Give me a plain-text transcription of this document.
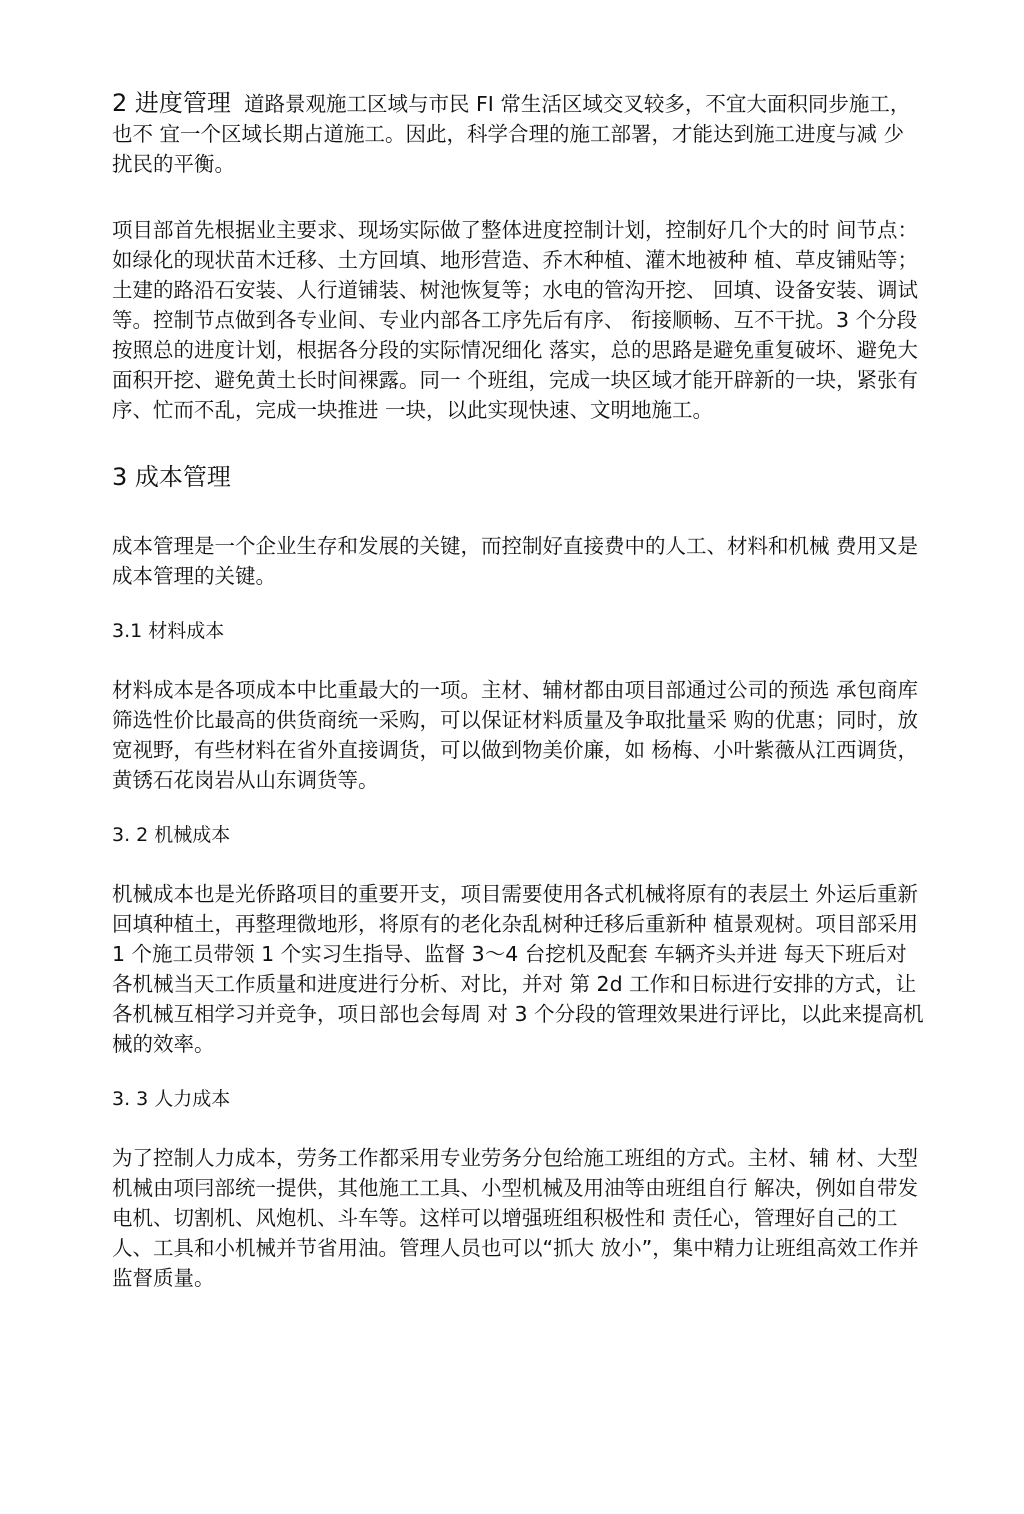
2 进度管理 道路景观施工区域与市民 FI 常生活区域交叉较多，不宜大面积同步施工，也不 宜一个区域长期占道施工。因此，科学合理的施工部署，才能达到施工进度与减 少扰民的平衡。

项目部首先根据业主要求、现场实际做了整体进度控制计划，控制好几个大的时 间节点：如绿化的现状苗木迁移、土方回填、地形营造、乔木种植、灌木地被种 植、草皮铺贴等；土建的路沿石安装、人行道铺装、树池恢复等；水电的管沟开挖、 回填、设备安装、调试等。控制节点做到各专业间、专业内部各工序先后有序、 衔接顺畅、互不干扰。3 个分段按照总的进度计划，根据各分段的实际情况细化 落实，总的思路是避免重复破坏、避免大面积开挖、避免黄土长时间裸露。同一 个班组，完成一块区域才能开辟新的一块，紧张有序、忙而不乱，完成一块推进 一块，以此实现快速、文明地施工。

3 成本管理

成本管理是一个企业生存和发展的关键，而控制好直接费中的人工、材料和机械 费用又是成本管理的关键。

3.1 材料成本

材料成本是各项成本中比重最大的一项。主材、辅材都由项目部通过公司的预选 承包商库筛选性价比最高的供货商统一采购，可以保证材料质量及争取批量采 购的优惠；同时，放宽视野，有些材料在省外直接调货，可以做到物美价廉，如 杨梅、小叶紫薇从江西调货，黄锈石花岗岩从山东调货等。

3. 2 机械成本

机械成本也是光侨路项目的重要开支，项目需要使用各式机械将原有的表层土 外运后重新回填种植土，再整理微地形，将原有的老化杂乱树种迁移后重新种 植景观树。项目部采用 1 个施工员带领 1 个实习生指导、监督 3～4 台挖机及配套 车辆齐头并进 每天下班后对各机械当天工作质量和进度进行分析、对比，并对 第 2d 工作和日标进行安排的方式，让各机械互相学习并竞争，项日部也会每周 对 3 个分段的管理效果进行评比，以此来提高机械的效率。

3. 3 人力成本

为了控制人力成本，劳务工作都采用专业劳务分包给施工班组的方式。主材、辅 材、大型机械由项冃部统一提供，其他施工工具、小型机械及用油等由班组自行 解决，例如自带发电机、切割机、风炮机、斗车等。这样可以增强班组积极性和 责任心，管理好自己的工人、工具和小机械并节省用油。管理人员也可以“抓大 放小”，集中精力让班组高效工作并监督质量。
